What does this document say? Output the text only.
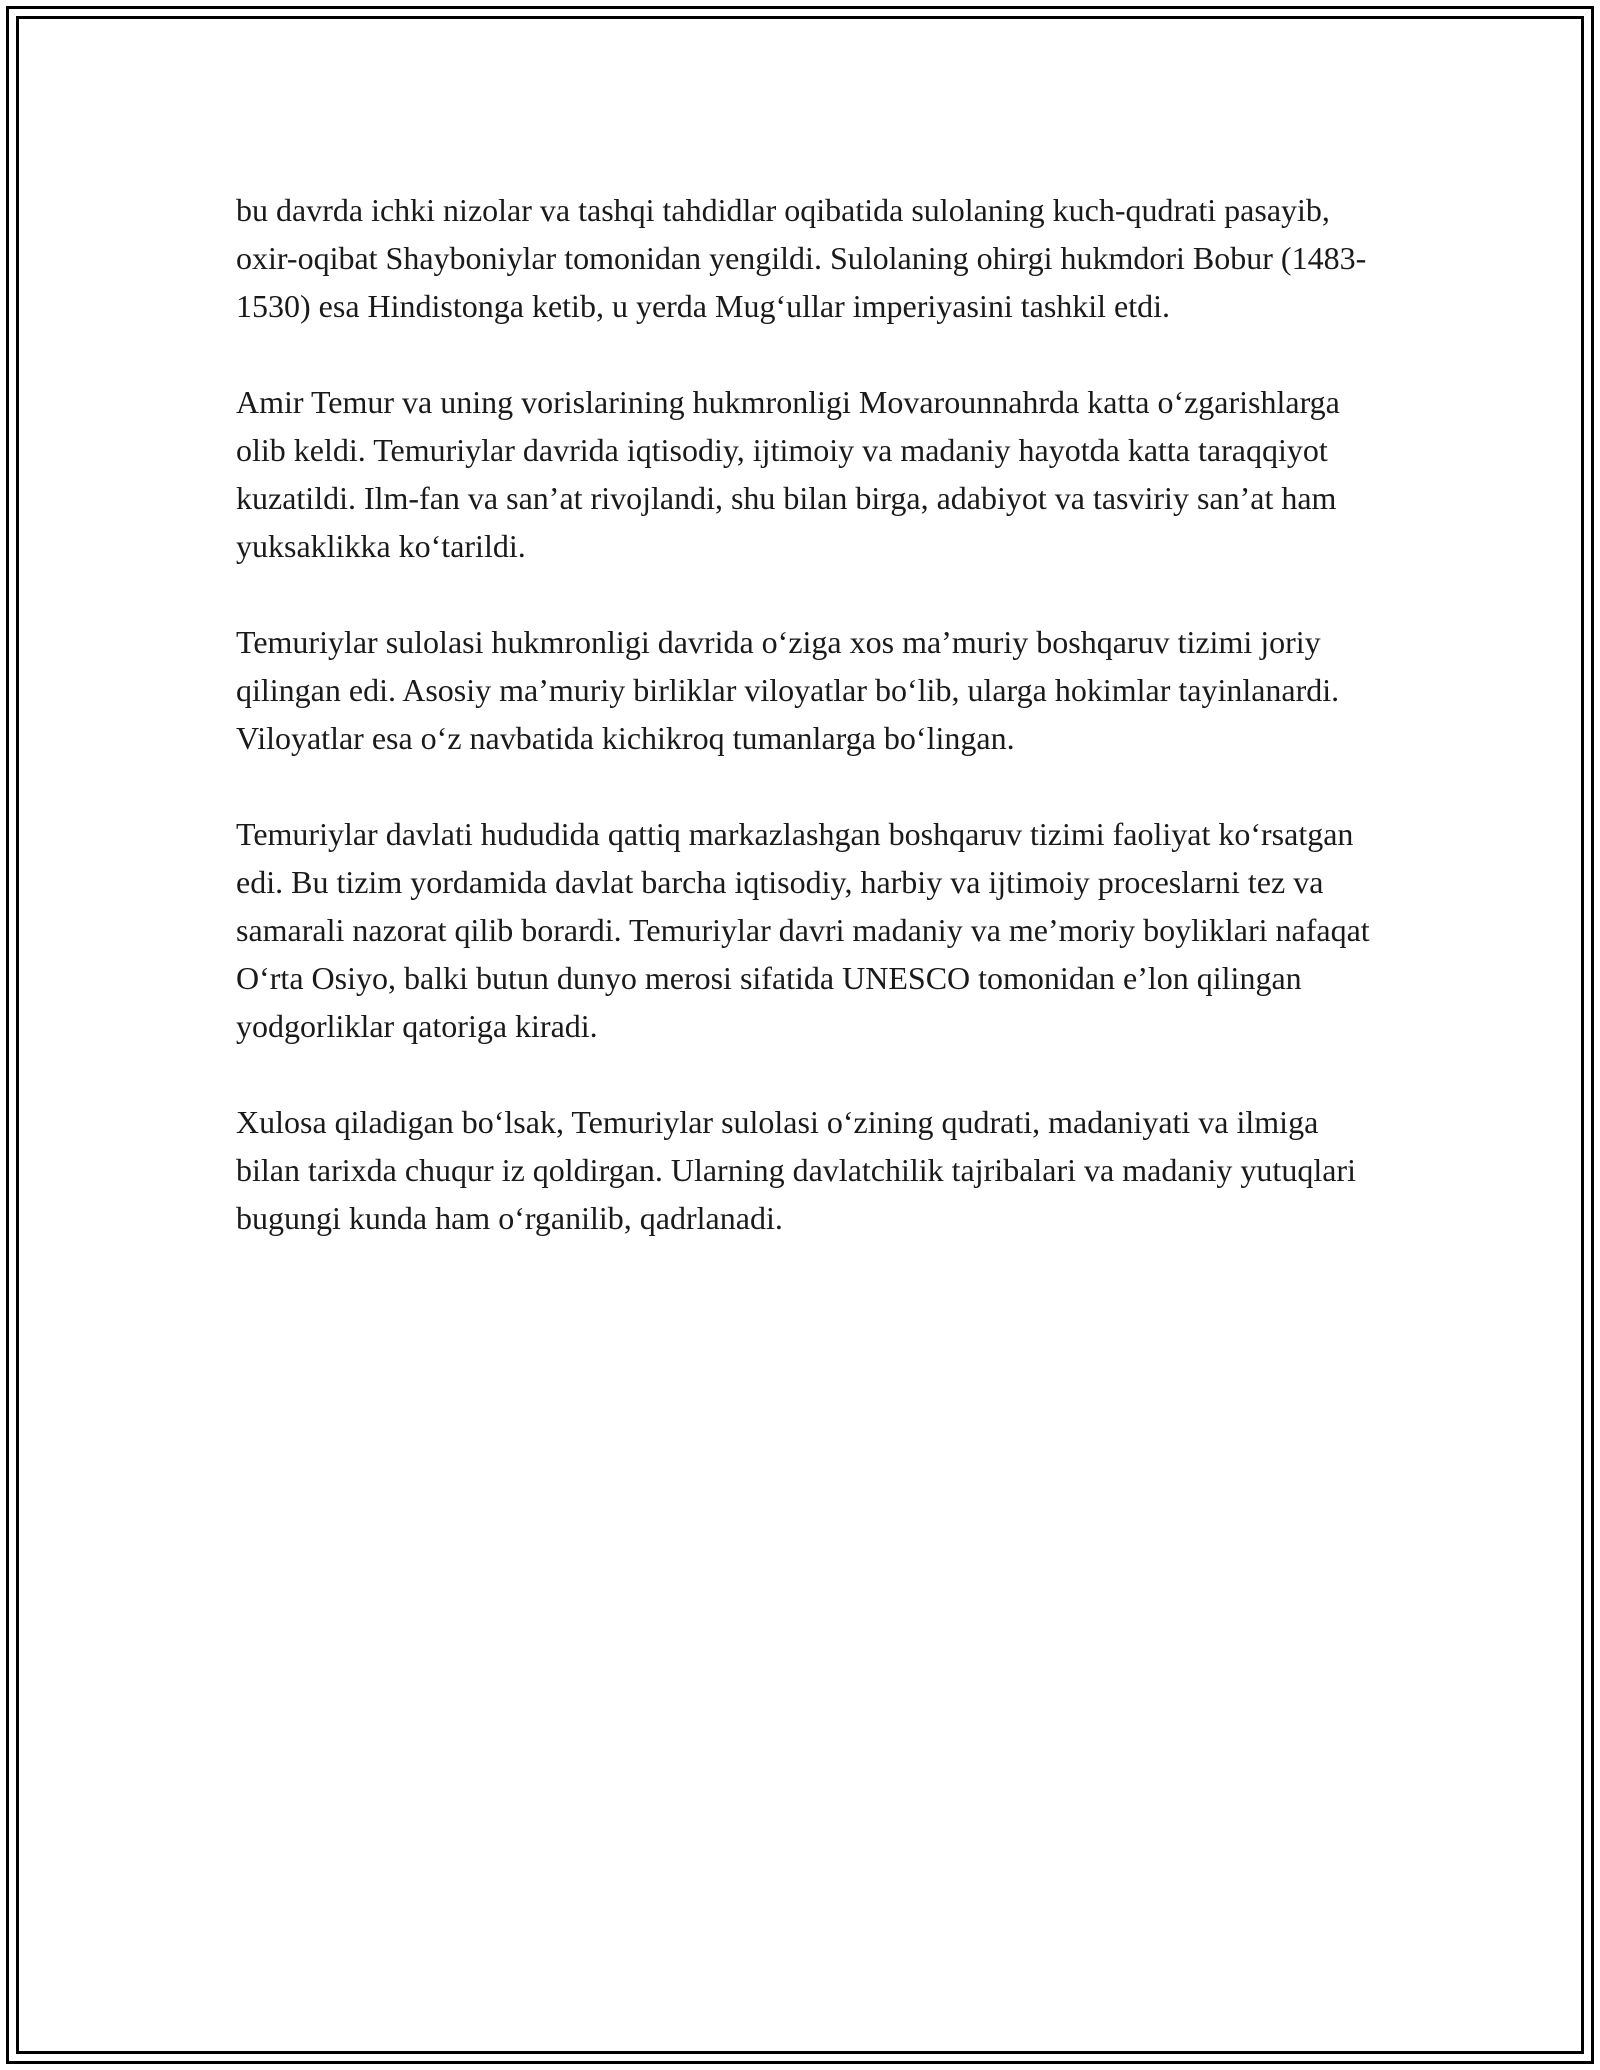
bu davrda ichki nizolar va tashqi tahdidlar oqibatida sulolaning kuch-qudrati pasayib, oxir-oqibat Shayboniylar tomonidan yengildi. Sulolaning ohirgi hukmdori Bobur (1483-1530) esa Hindistonga ketib, u yerda Mug‘ullar imperiyasini tashkil etdi.

Amir Temur va uning vorislarining hukmronligi Movarounnahrda katta o‘zgarishlarga olib keldi. Temuriylar davrida iqtisodiy, ijtimoiy va madaniy hayotda katta taraqqiyot kuzatildi. Ilm-fan va san’at rivojlandi, shu bilan birga, adabiyot va tasviriy san’at ham yuksaklikka ko‘tarildi.

Temuriylar sulolasi hukmronligi davrida o‘ziga xos ma’muriy boshqaruv tizimi joriy qilingan edi. Asosiy ma’muriy birliklar viloyatlar bo‘lib, ularga hokimlar tayinlanardi. Viloyatlar esa o‘z navbatida kichikroq tumanlarga bo‘lingan.

Temuriylar davlati hududida qattiq markazlashgan boshqaruv tizimi faoliyat ko‘rsatgan edi. Bu tizim yordamida davlat barcha iqtisodiy, harbiy va ijtimoiy proceslarni tez va samarali nazorat qilib borardi. Temuriylar davri madaniy va me’moriy boyliklari nafaqat O‘rta Osiyo, balki butun dunyo merosi sifatida UNESCO tomonidan e’lon qilingan yodgorliklar qatoriga kiradi.

Xulosa qiladigan bo‘lsak, Temuriylar sulolasi o‘zining qudrati, madaniyati va ilmiga bilan tarixda chuqur iz qoldirgan. Ularning davlatchilik tajribalari va madaniy yutuqlari bugungi kunda ham o‘rganilib, qadrlanadi.
